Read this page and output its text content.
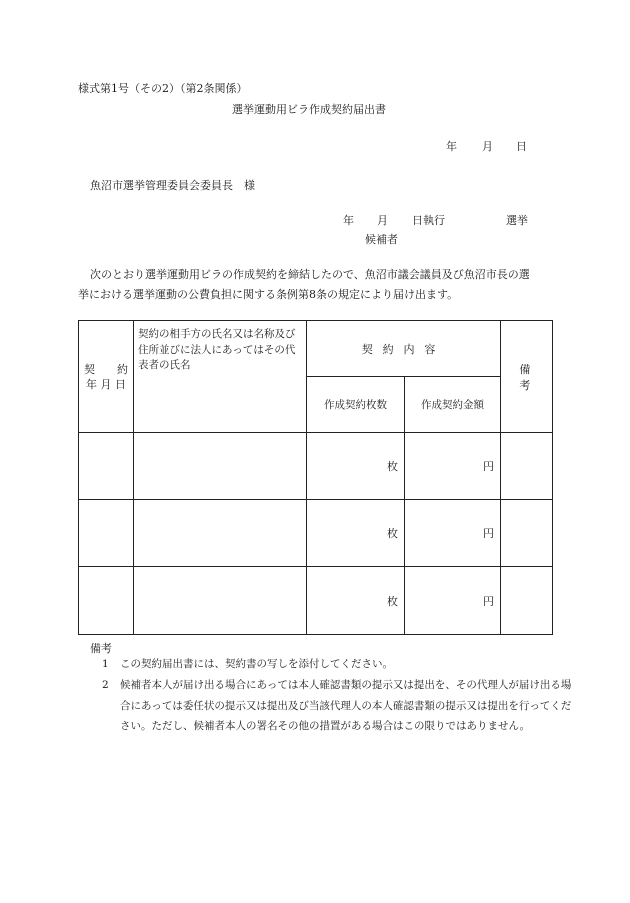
様式第1号（その2）（第2条関係）
選挙運動用ビラ作成契約届出書
年 月 日
魚沼市選挙管理委員会委員長　様
年 月 日執行	選挙
候補者
次のとおり選挙運動用ビラの作成契約を締結したので、魚沼市議会議員及び魚沼市長の選
挙における選挙運動の公費負担に関する条例第8条の規定により届け出ます。
契　　約
年 月 日	契約の相手方の氏名又は名称及び住所並びに法人にあってはその代表者の氏名	契約内容		備考
		作成契約枚数	作成契約金額	
		枚	円	
		枚	円	
		枚	円	
備考
1 この契約届出書には、契約書の写しを添付してください。
2 候補者本人が届け出る場合にあっては本人確認書類の提示又は提出を、その代理人が届け出る場合にあっては委任状の提示又は提出及び当該代理人の本人確認書類の提示又は提出を行ってください。ただし、候補者本人の署名その他の措置がある場合はこの限りではありません。
